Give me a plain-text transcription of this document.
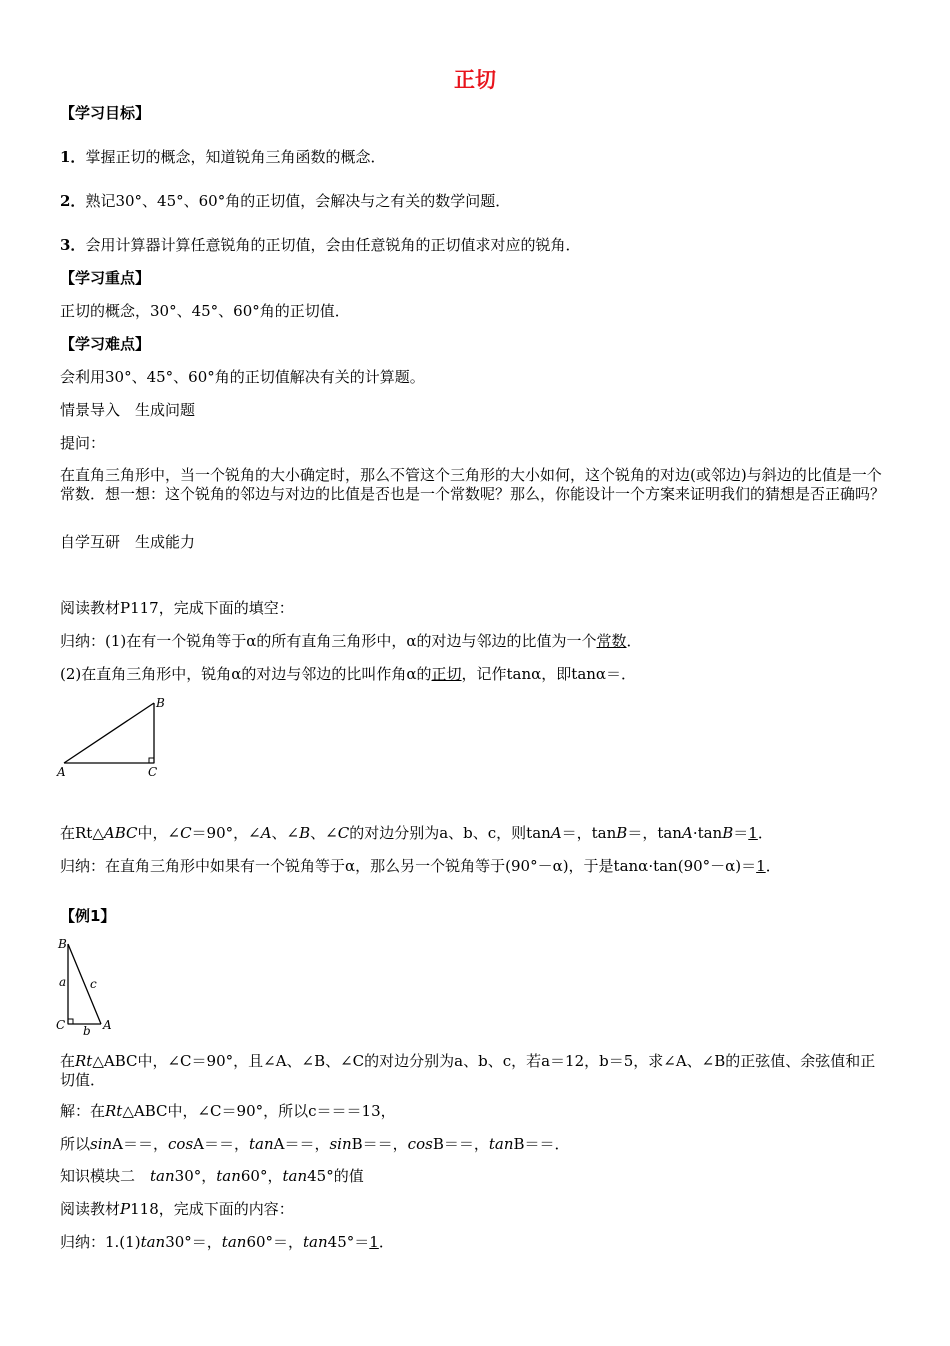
正切
【学习目标】
1．掌握正切的概念，知道锐角三角函数的概念．
2．熟记30°、45°、60°角的正切值，会解决与之有关的数学问题．
3．会用计算器计算任意锐角的正切值，会由任意锐角的正切值求对应的锐角．
【学习重点】
正切的概念，30°、45°、60°角的正切值．
【学习难点】
会利用30°、45°、60°角的正切值解决有关的计算题。
情景导入　生成问题
提问：
在直角三角形中，当一个锐角的大小确定时，那么不管这个三角形的大小如何，这个锐角的对边(或邻边)与斜边的比值是一个常数．想一想：这个锐角的邻边与对边的比值是否也是一个常数呢？那么，你能设计一个方案来证明我们的猜想是否正确吗？
自学互研　生成能力
阅读教材P117，完成下面的填空：
归纳：(1)在有一个锐角等于α的所有直角三角形中，α的对边与邻边的比值为一个常数．
(2)在直角三角形中，锐角α的对边与邻边的比叫作角α的正切，记作tanα，即tanα＝．
B
A	C
在Rt△ABC中，∠C＝90°，∠A、∠B、∠C的对边分别为a、b、c，则tanA＝，tanB＝，tanA·tanB＝1．
归纳：在直角三角形中如果有一个锐角等于α，那么另一个锐角等于(90°－α)，于是tanα·tan(90°－α)＝1．
【例1】
B
C	A
a c
b
在Rt△ABC中，∠C＝90°，且∠A、∠B、∠C的对边分别为a、b、c，若a＝12，b＝5，求∠A、∠B的正弦值、余弦值和正切值．
解：在Rt△ABC中，∠C＝90°，所以c＝＝＝13，
所以sinA＝＝，cosA＝＝，tanA＝＝，sinB＝＝，cosB＝＝，tanB＝＝．
知识模块二　tan30°，tan60°，tan45°的值
阅读教材P118，完成下面的内容：
归纳：1.(1)tan30°＝，tan60°＝，tan45°＝1．
